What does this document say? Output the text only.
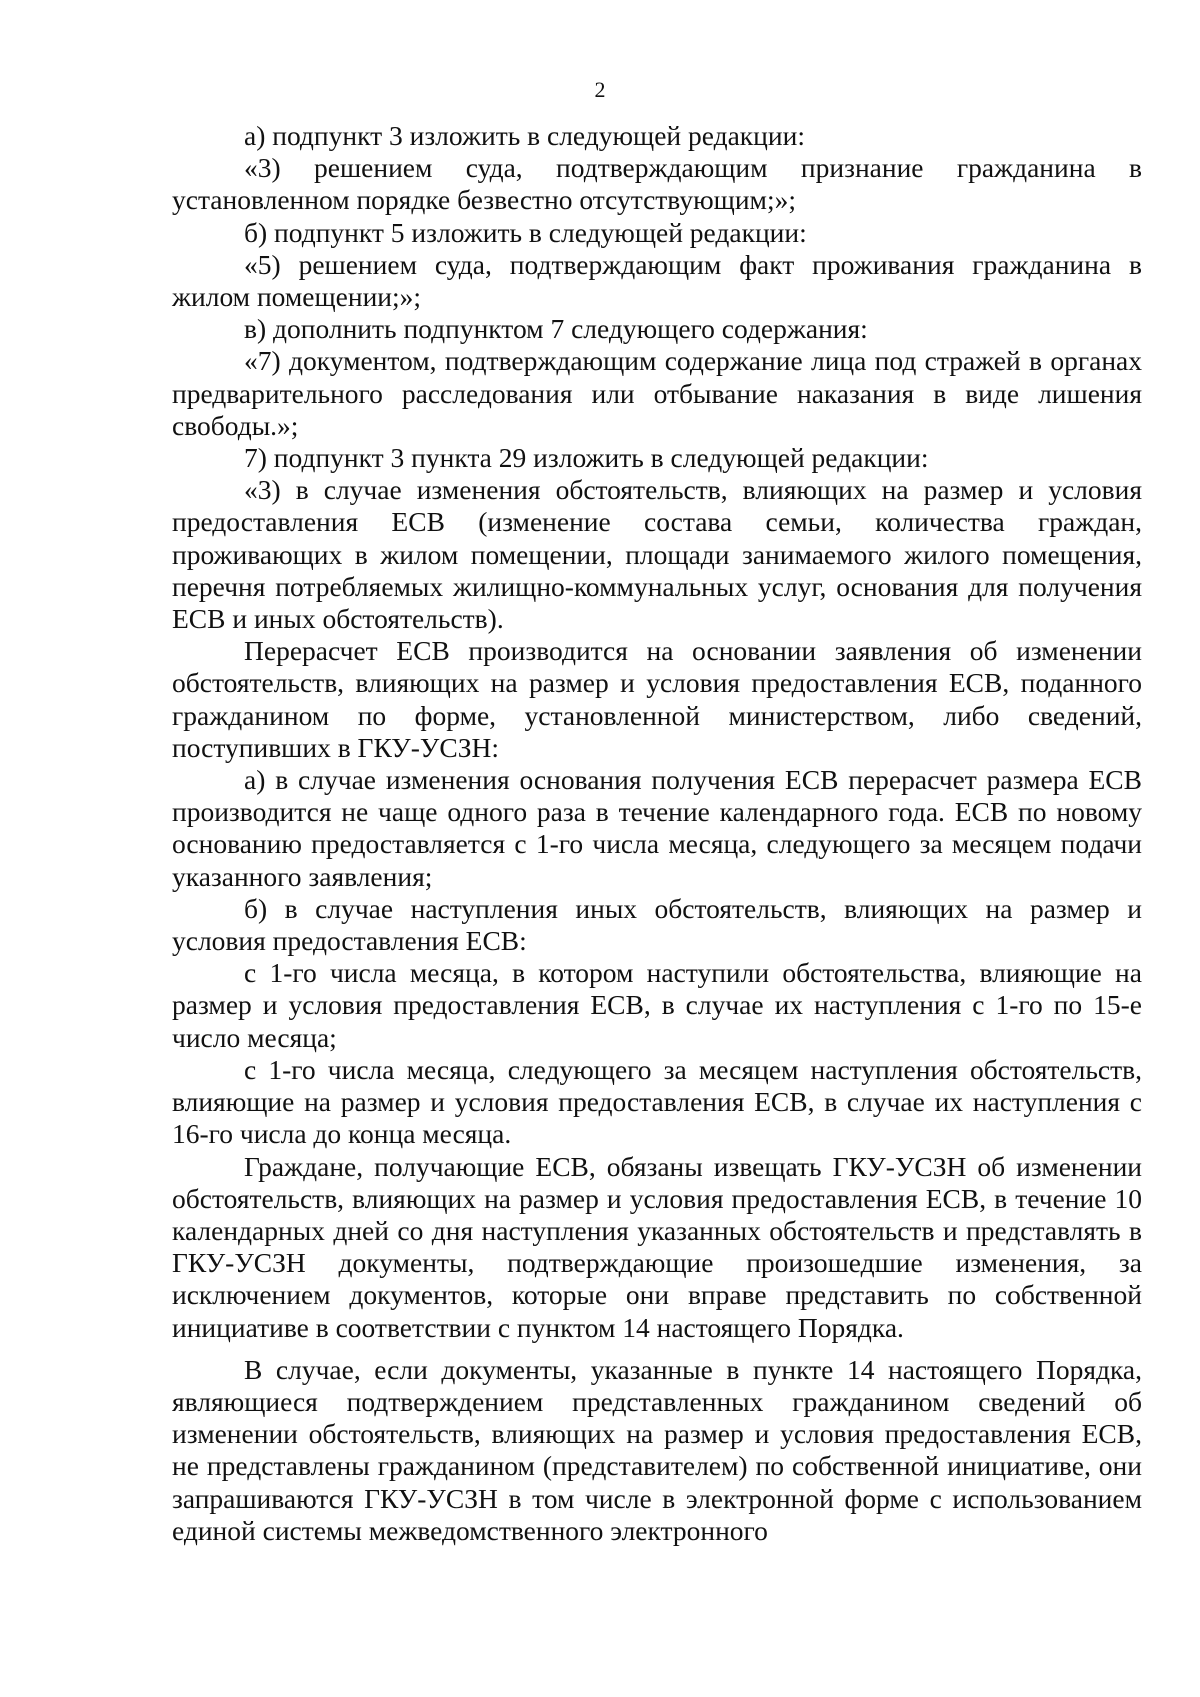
2

а) подпункт 3 изложить в следующей редакции:

«3) решением суда, подтверждающим признание гражданина в установленном порядке безвестно отсутствующим;»;

б) подпункт 5 изложить в следующей редакции:

«5) решением суда, подтверждающим факт проживания гражданина в жилом помещении;»;

в) дополнить подпунктом 7 следующего содержания:

«7) документом, подтверждающим содержание лица под стражей в органах предварительного расследования или отбывание наказания в виде лишения свободы.»;

7) подпункт 3 пункта 29 изложить в следующей редакции:

«3) в случае изменения обстоятельств, влияющих на размер и условия предоставления ЕСВ (изменение состава семьи, количества граждан, проживающих в жилом помещении, площади занимаемого жилого помещения, перечня потребляемых жилищно-коммунальных услуг, основания для получения ЕСВ и иных обстоятельств).

Перерасчет ЕСВ производится на основании заявления об изменении обстоятельств, влияющих на размер и условия предоставления ЕСВ, поданного гражданином по форме, установленной министерством, либо сведений, поступивших в ГКУ-УСЗН:

а) в случае изменения основания получения ЕСВ перерасчет размера ЕСВ производится не чаще одного раза в течение календарного года. ЕСВ по новому основанию предоставляется с 1-го числа месяца, следующего за месяцем подачи указанного заявления;

б) в случае наступления иных обстоятельств, влияющих на размер и условия предоставления ЕСВ:

с 1-го числа месяца, в котором наступили обстоятельства, влияющие на размер и условия предоставления ЕСВ, в случае их наступления с 1-го по 15-е число месяца;

с 1-го числа месяца, следующего за месяцем наступления обстоятельств, влияющие на размер и условия предоставления ЕСВ, в случае их наступления с 16-го числа до конца месяца.

Граждане, получающие ЕСВ, обязаны извещать ГКУ-УСЗН об изменении обстоятельств, влияющих на размер и условия предоставления ЕСВ, в течение 10 календарных дней со дня наступления указанных обстоятельств и представлять в ГКУ-УСЗН документы, подтверждающие произошедшие изменения, за исключением документов, которые они вправе представить по собственной инициативе в соответствии с пунктом 14 настоящего Порядка.

В случае, если документы, указанные в пункте 14 настоящего Порядка, являющиеся подтверждением представленных гражданином сведений об изменении обстоятельств, влияющих на размер и условия предоставления ЕСВ, не представлены гражданином (представителем) по собственной инициативе, они запрашиваются ГКУ-УСЗН в том числе в электронной форме с использованием единой системы межведомственного электронного
